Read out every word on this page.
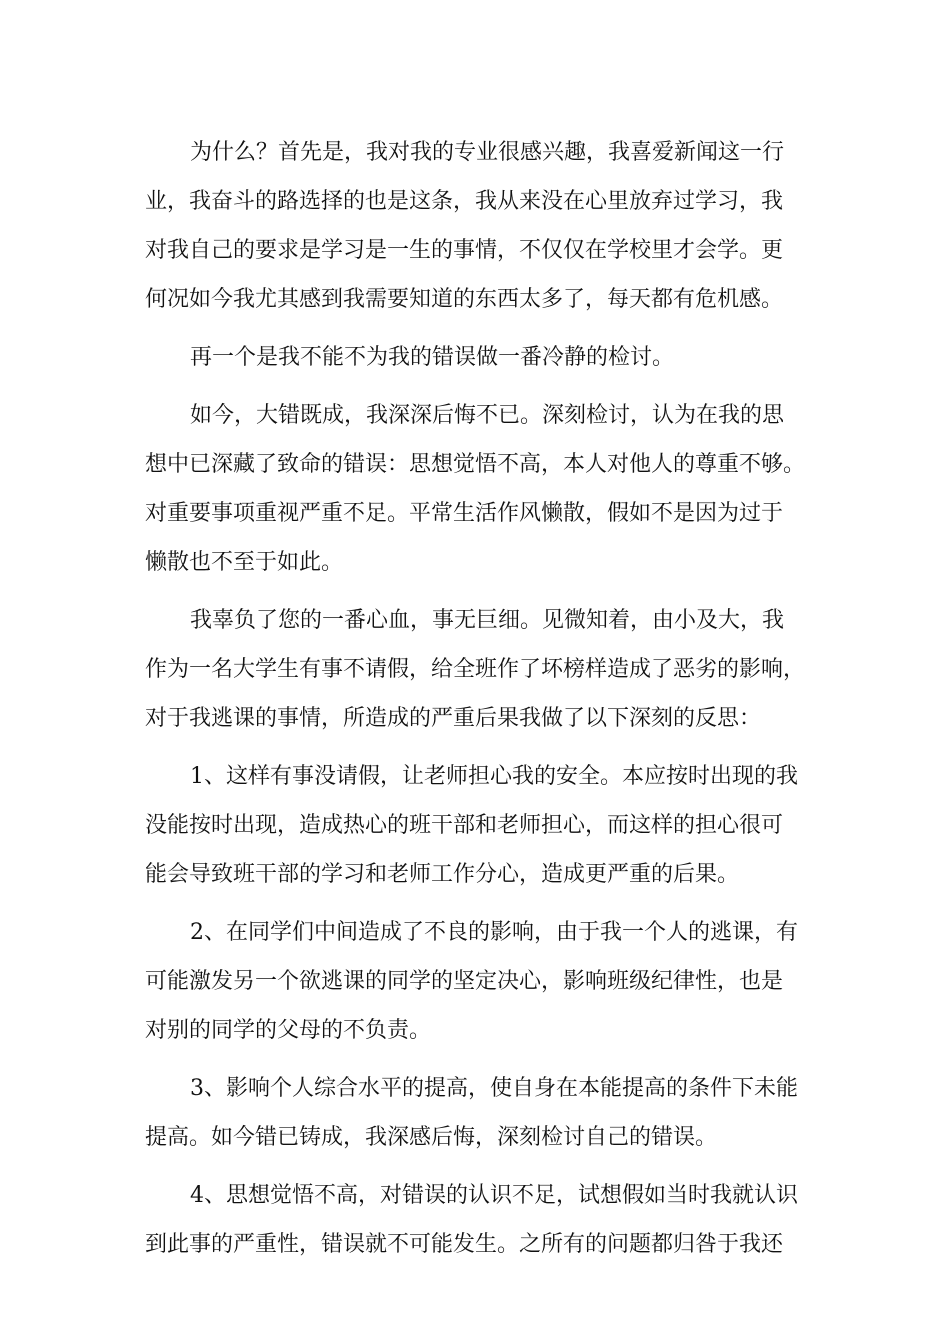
为什么？首先是，我对我的专业很感兴趣，我喜爱新闻这一行
业，我奋斗的路选择的也是这条，我从来没在心里放弃过学习，我
对我自己的要求是学习是一生的事情，不仅仅在学校里才会学。更
何况如今我尤其感到我需要知道的东西太多了，每天都有危机感。

再一个是我不能不为我的错误做一番冷静的检讨。

如今，大错既成，我深深后悔不已。深刻检讨，认为在我的思
想中已深藏了致命的错误：思想觉悟不高，本人对他人的尊重不够。
对重要事项重视严重不足。平常生活作风懒散，假如不是因为过于
懒散也不至于如此。

我辜负了您的一番心血，事无巨细。见微知着，由小及大，我
作为一名大学生有事不请假，给全班作了坏榜样造成了恶劣的影响，
对于我逃课的事情，所造成的严重后果我做了以下深刻的反思：

1、这样有事没请假，让老师担心我的安全。本应按时出现的我
没能按时出现，造成热心的班干部和老师担心，而这样的担心很可
能会导致班干部的学习和老师工作分心，造成更严重的后果。

2、在同学们中间造成了不良的影响，由于我一个人的逃课，有
可能激发另一个欲逃课的同学的坚定决心，影响班级纪律性，也是
对别的同学的父母的不负责。

3、影响个人综合水平的提高，使自身在本能提高的条件下未能
提高。如今错已铸成，我深感后悔，深刻检讨自己的错误。

4、思想觉悟不高，对错误的认识不足，试想假如当时我就认识
到此事的严重性，错误就不可能发生。之所有的问题都归咎于我还
